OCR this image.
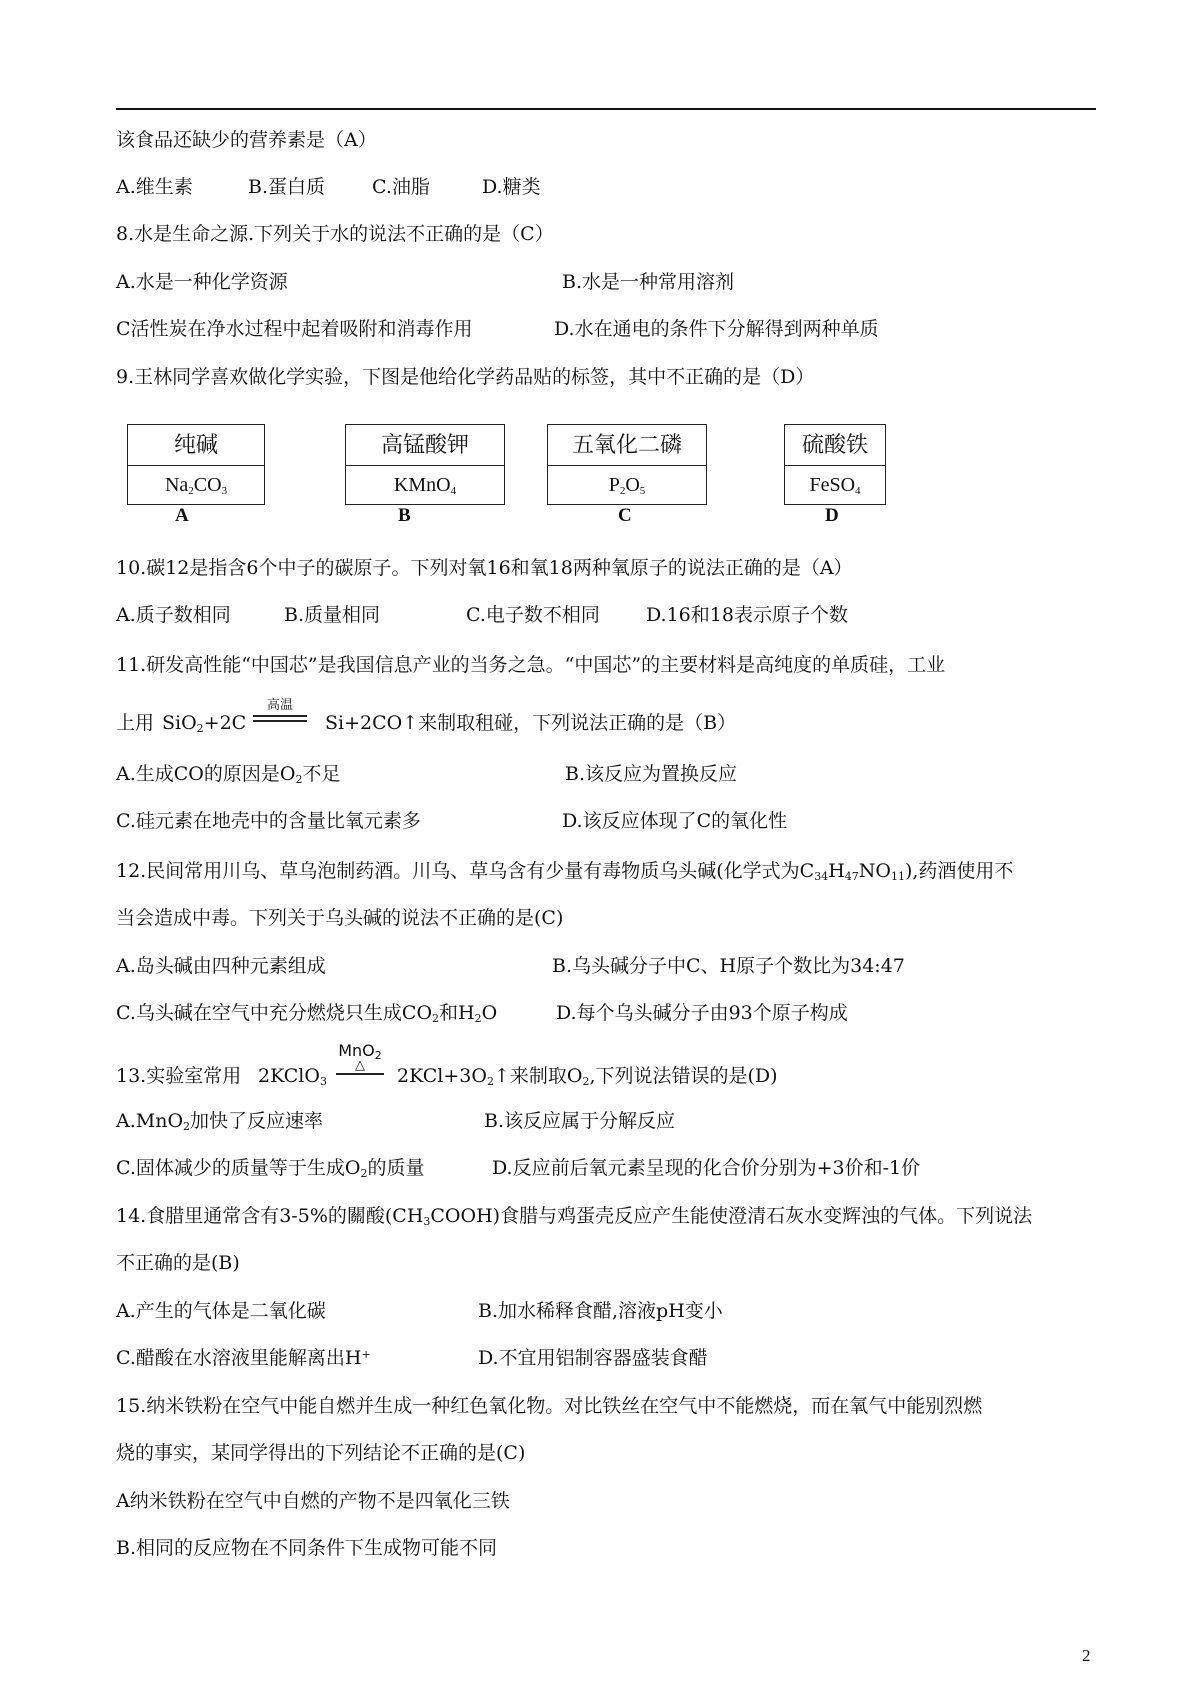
该食品还缺少的营养素是（A）
A.维生素	B.蛋白质 C.油脂	D.糖类
8.水是生命之源.下列关于水的说法不正确的是（C）
A.水是一种化学资源	B.水是一种常用溶剂
C活性炭在净水过程中起着吸附和消毒作用	D.水在通电的条件下分解得到两种单质
9.王林同学喜欢做化学实验，下图是他给化学药品贴的标签，其中不正确的是（D）
纯碱
$Na_2CO_3$
A
高锰酸钾
KMnO$_4$
B
五氧化二磷
$P_2O_5$
C
硫酸铁
FeSO$_4$
D
10.碳12是指含6个中子的碳原子。下列对氧16和氧18两种氧原子的说法正确的是（A）
A.质子数相同	B.质量相同	C.电子数不相同 D.16和18表示原子个数
11.研发高性能“中国芯”是我国信息产业的当务之急。“中国芯”的主要材料是高纯度的单质硅，工业
上用 SiO$_2$+2C
高温
Si+2CO↑来制取租碰，下列说法正确的是（B）
A.生成CO的原因是$O_2$不足	B.该反应为置换反应
C.硅元素在地壳中的含量比氧元素多	D.该反应体现了C的氧化性
12.民间常用川乌、草乌泡制药酒。川乌、草乌含有少量有毒物质乌头碱(化学式为$C_{34}H_{47}NO_{11}$),药酒使用不
当会造成中毒。下列关于乌头碱的说法不正确的是(C)
A.岛头碱由四种元素组成	B.乌头碱分子中C、H原子个数比为34:47
C.乌头碱在空气中充分燃烧只生成$CO_2$和$H_2O$	D.每个乌头碱分子由93个原子构成
13.实验室常用 2KClO$_3$
MnO$_2$
△	$2KCl+3O_2↑$来制取$O_2$,下列说法错误的是(D)
A.MnO$_2$加快了反应速率	B.该反应属于分解反应
C.固体减少的质量等于生成$O_2$的质量	D.反应前后氧元素呈现的化合价分别为+3价和-1价
14.食腊里通常含有3-5%的關酸$(CH_3COOH)$食腊与鸡蛋壳反应产生能使澄清石灰水变辉浊的气体。下列说法
不正确的是(B)
A.产生的气体是二氧化碳	B.加水稀释食醋,溶液pH变小
C.醋酸在水溶液里能解离出H+	D.不宜用铝制容器盛装食醋
15.纳米铁粉在空气中能自燃并生成一种红色氧化物。对比铁丝在空气中不能燃烧，而在氧气中能别烈燃
烧的事实，某同学得出的下列结论不正确的是(C)
A纳米铁粉在空气中自燃的产物不是四氧化三铁
B.相同的反应物在不同条件下生成物可能不同
2
